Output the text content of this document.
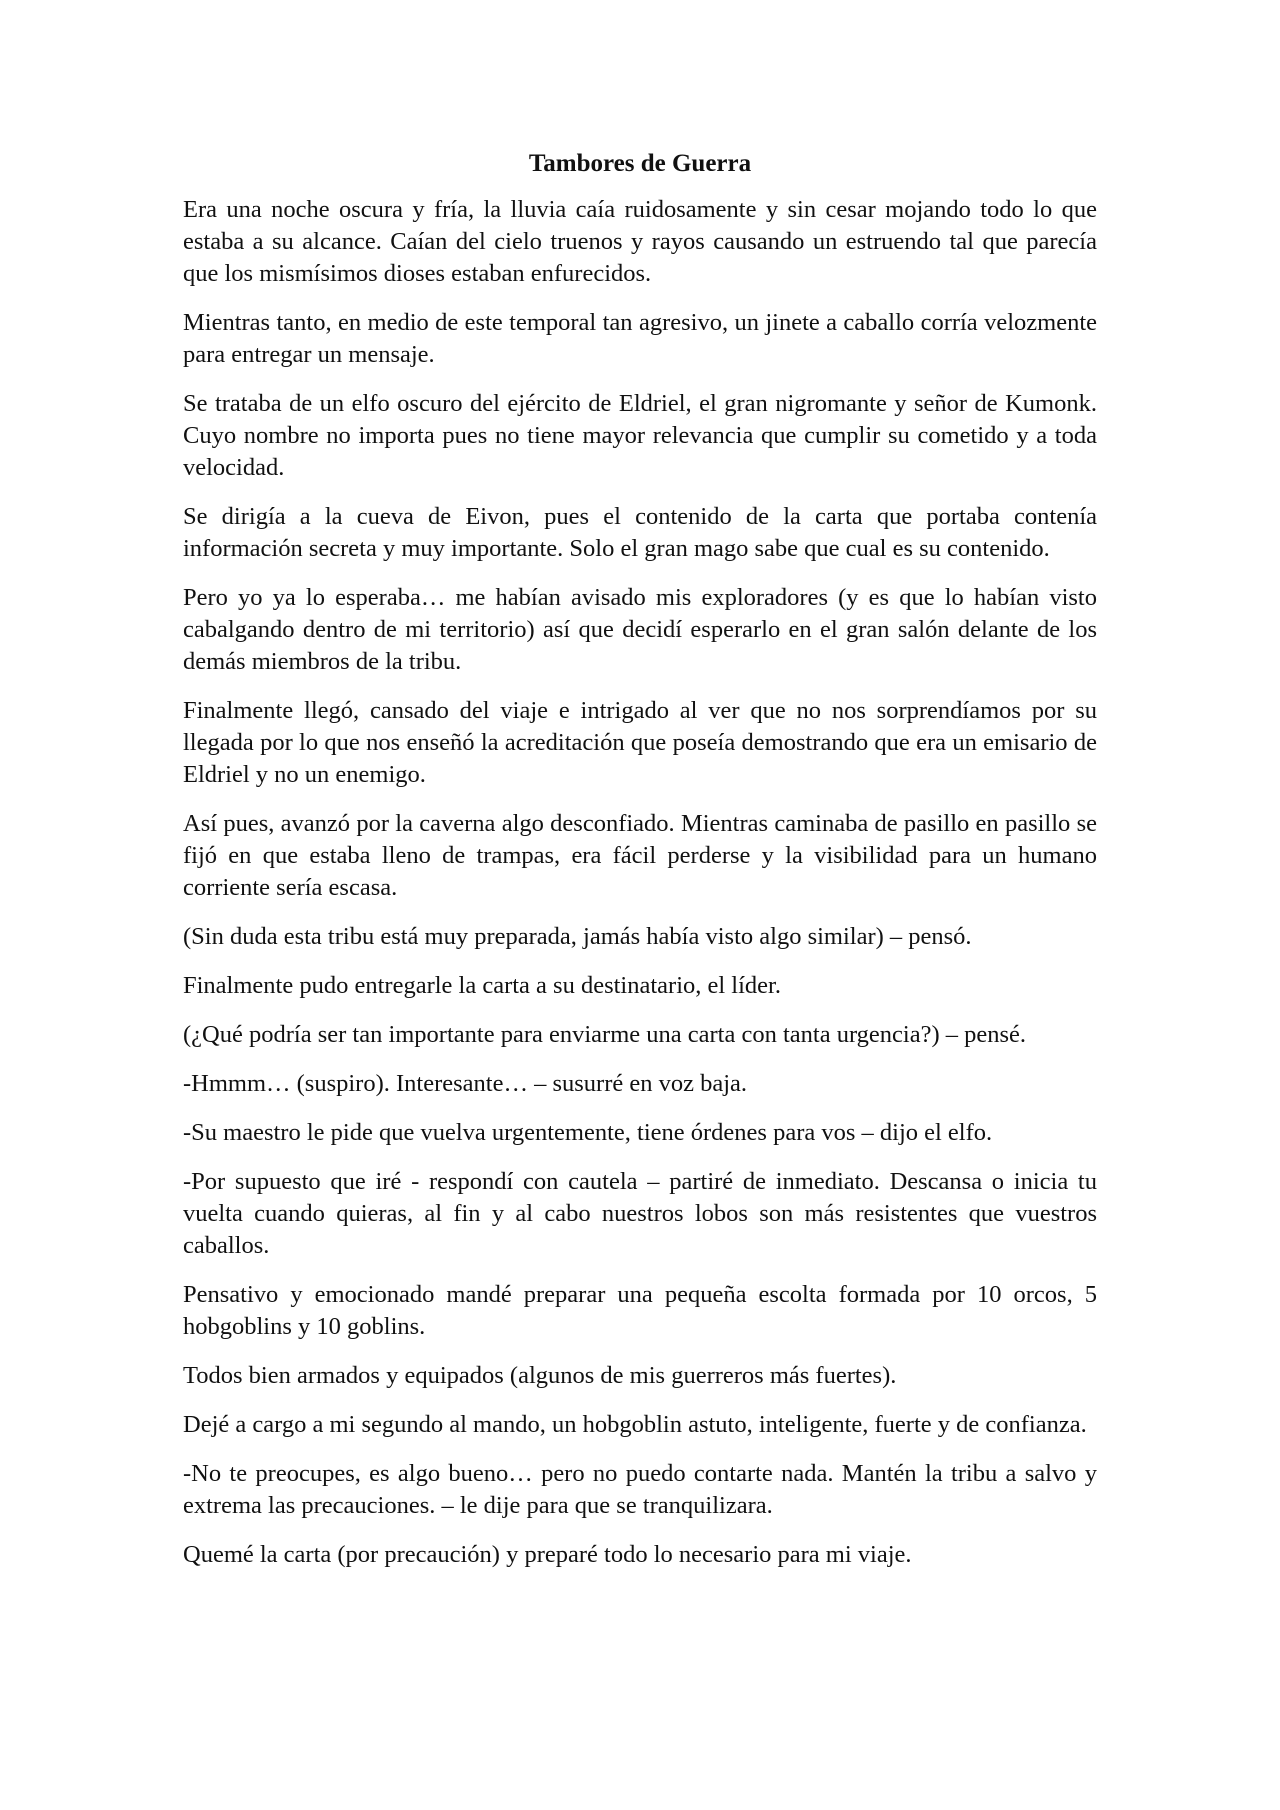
Tambores de Guerra

Era una noche oscura y fría, la lluvia caía ruidosamente y sin cesar mojando todo lo que estaba a su alcance. Caían del cielo truenos y rayos causando un estruendo tal que parecía que los mismísimos dioses estaban enfurecidos.

Mientras tanto, en medio de este temporal tan agresivo, un jinete a caballo corría velozmente para entregar un mensaje.

Se trataba de un elfo oscuro del ejército de Eldriel, el gran nigromante y señor de Kumonk. Cuyo nombre no importa pues no tiene mayor relevancia que cumplir su cometido y a toda velocidad.

Se dirigía a la cueva de Eivon, pues el contenido de la carta que portaba contenía información secreta y muy importante. Solo el gran mago sabe que cual es su contenido.

Pero yo ya lo esperaba… me habían avisado mis exploradores (y es que lo habían visto cabalgando dentro de mi territorio) así que decidí esperarlo en el gran salón delante de los demás miembros de la tribu.

Finalmente llegó, cansado del viaje e intrigado al ver que no nos sorprendíamos por su llegada por lo que nos enseñó la acreditación que poseía demostrando que era un emisario de Eldriel y no un enemigo.

Así pues, avanzó por la caverna algo desconfiado. Mientras caminaba de pasillo en pasillo se fijó en que estaba lleno de trampas, era fácil perderse y la visibilidad para un humano corriente sería escasa.

(Sin duda esta tribu está muy preparada, jamás había visto algo similar) – pensó.

Finalmente pudo entregarle la carta a su destinatario, el líder.

(¿Qué podría ser tan importante para enviarme una carta con tanta urgencia?) – pensé.

-Hmmm… (suspiro). Interesante… – susurré en voz baja.

-Su maestro le pide que vuelva urgentemente, tiene órdenes para vos – dijo el elfo.

-Por supuesto que iré - respondí con cautela – partiré de inmediato. Descansa o inicia tu vuelta cuando quieras, al fin y al cabo nuestros lobos son más resistentes que vuestros caballos.

Pensativo y emocionado mandé preparar una pequeña escolta formada por 10 orcos, 5 hobgoblins y 10 goblins.

Todos bien armados y equipados (algunos de mis guerreros más fuertes).

Dejé a cargo a mi segundo al mando, un hobgoblin astuto, inteligente, fuerte y de confianza.

-No te preocupes, es algo bueno… pero no puedo contarte nada. Mantén la tribu a salvo y extrema las precauciones. – le dije para que se tranquilizara.

Quemé la carta (por precaución) y preparé todo lo necesario para mi viaje.
